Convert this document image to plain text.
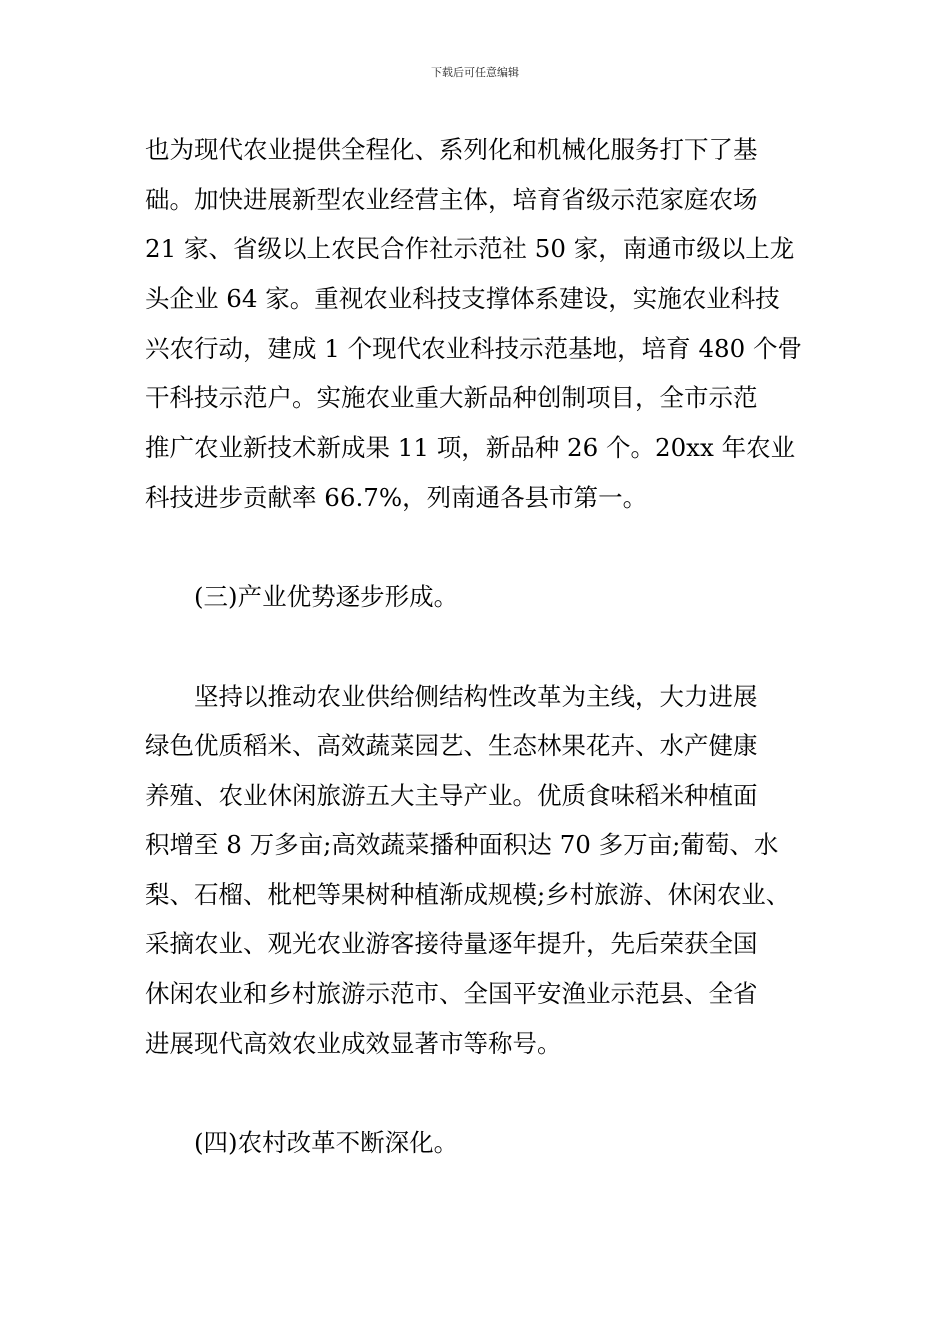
下载后可任意编辑
也为现代农业提供全程化、系列化和机械化服务打下了基
础。加快进展新型农业经营主体，培育省级示范家庭农场
21 家、省级以上农民合作社示范社 50 家，南通市级以上龙
头企业 64 家。重视农业科技支撑体系建设，实施农业科技
兴农行动，建成 1 个现代农业科技示范基地，培育 480 个骨
干科技示范户。实施农业重大新品种创制项目，全市示范
推广农业新技术新成果 11 项，新品种 26 个。20xx 年农业
科技进步贡献率 66.7%，列南通各县市第一。
(三)产业优势逐步形成。
坚持以推动农业供给侧结构性改革为主线，大力进展
绿色优质稻米、高效蔬菜园艺、生态林果花卉、水产健康
养殖、农业休闲旅游五大主导产业。优质食味稻米种植面
积增至 8 万多亩;高效蔬菜播种面积达 70 多万亩;葡萄、水
梨、石榴、枇杷等果树种植渐成规模;乡村旅游、休闲农业、
采摘农业、观光农业游客接待量逐年提升，先后荣获全国
休闲农业和乡村旅游示范市、全国平安渔业示范县、全省
进展现代高效农业成效显著市等称号。
(四)农村改革不断深化。
